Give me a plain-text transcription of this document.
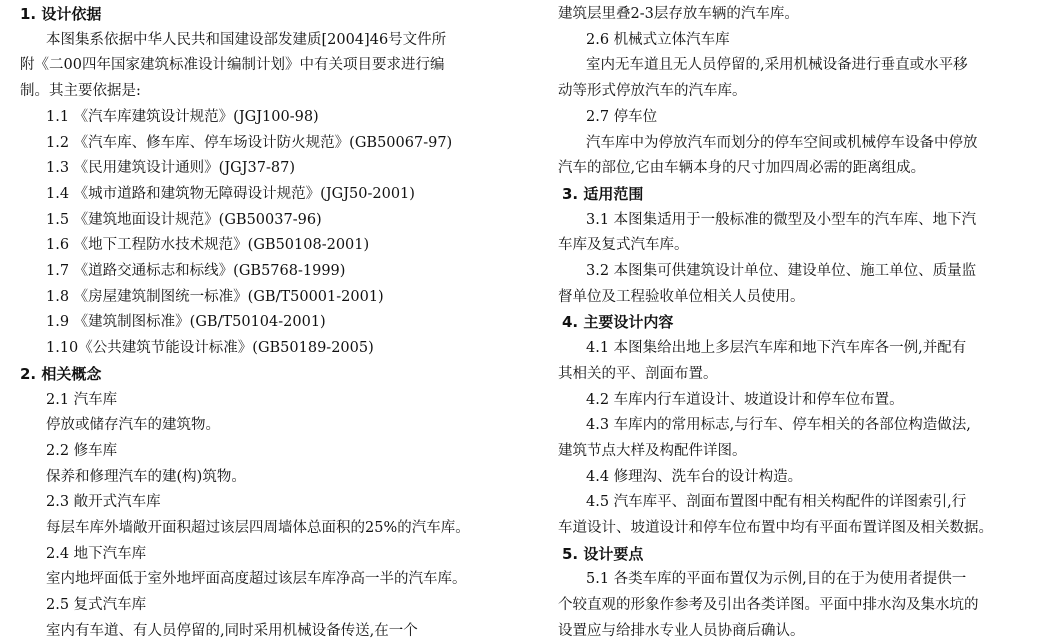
1. 设计依据
本图集系依据中华人民共和国建设部发建质[2004]46号文件所
附《二00四年国家建筑标准设计编制计划》中有关项目要求进行编
制。其主要依据是:
1.1 《汽车库建筑设计规范》(JGJ100-98)
1.2 《汽车库、修车库、停车场设计防火规范》(GB50067-97)
1.3 《民用建筑设计通则》(JGJ37-87)
1.4 《城市道路和建筑物无障碍设计规范》(JGJ50-2001)
1.5 《建筑地面设计规范》(GB50037-96)
1.6 《地下工程防水技术规范》(GB50108-2001)
1.7 《道路交通标志和标线》(GB5768-1999)
1.8 《房屋建筑制图统一标准》(GB/T50001-2001)
1.9 《建筑制图标准》(GB/T50104-2001)
1.10《公共建筑节能设计标准》(GB50189-2005)
2. 相关概念
2.1 汽车库
停放或储存汽车的建筑物。
2.2 修车库
保养和修理汽车的建(构)筑物。
2.3 敞开式汽车库
每层车库外墙敞开面积超过该层四周墙体总面积的25%的汽车库。
2.4 地下汽车库
室内地坪面低于室外地坪面高度超过该层车库净高一半的汽车库。
2.5 复式汽车库
室内有车道、有人员停留的,同时采用机械设备传送,在一个
建筑层里叠2-3层存放车辆的汽车库。
2.6 机械式立体汽车库
室内无车道且无人员停留的,采用机械设备进行垂直或水平移
动等形式停放汽车的汽车库。
2.7 停车位
汽车库中为停放汽车而划分的停车空间或机械停车设备中停放
汽车的部位,它由车辆本身的尺寸加四周必需的距离组成。
3. 适用范围
3.1 本图集适用于一般标准的微型及小型车的汽车库、地下汽
车库及复式汽车库。
3.2 本图集可供建筑设计单位、建设单位、施工单位、质量监
督单位及工程验收单位相关人员使用。
4. 主要设计内容
4.1 本图集给出地上多层汽车库和地下汽车库各一例,并配有
其相关的平、剖面布置。
4.2 车库内行车道设计、坡道设计和停车位布置。
4.3 车库内的常用标志,与行车、停车相关的各部位构造做法,
建筑节点大样及构配件详图。
4.4 修理沟、洗车台的设计构造。
4.5 汽车库平、剖面布置图中配有相关构配件的详图索引,行
车道设计、坡道设计和停车位布置中均有平面布置详图及相关数据。
5. 设计要点
5.1 各类车库的平面布置仅为示例,目的在于为使用者提供一
个较直观的形象作参考及引出各类详图。平面中排水沟及集水坑的
设置应与给排水专业人员协商后确认。
